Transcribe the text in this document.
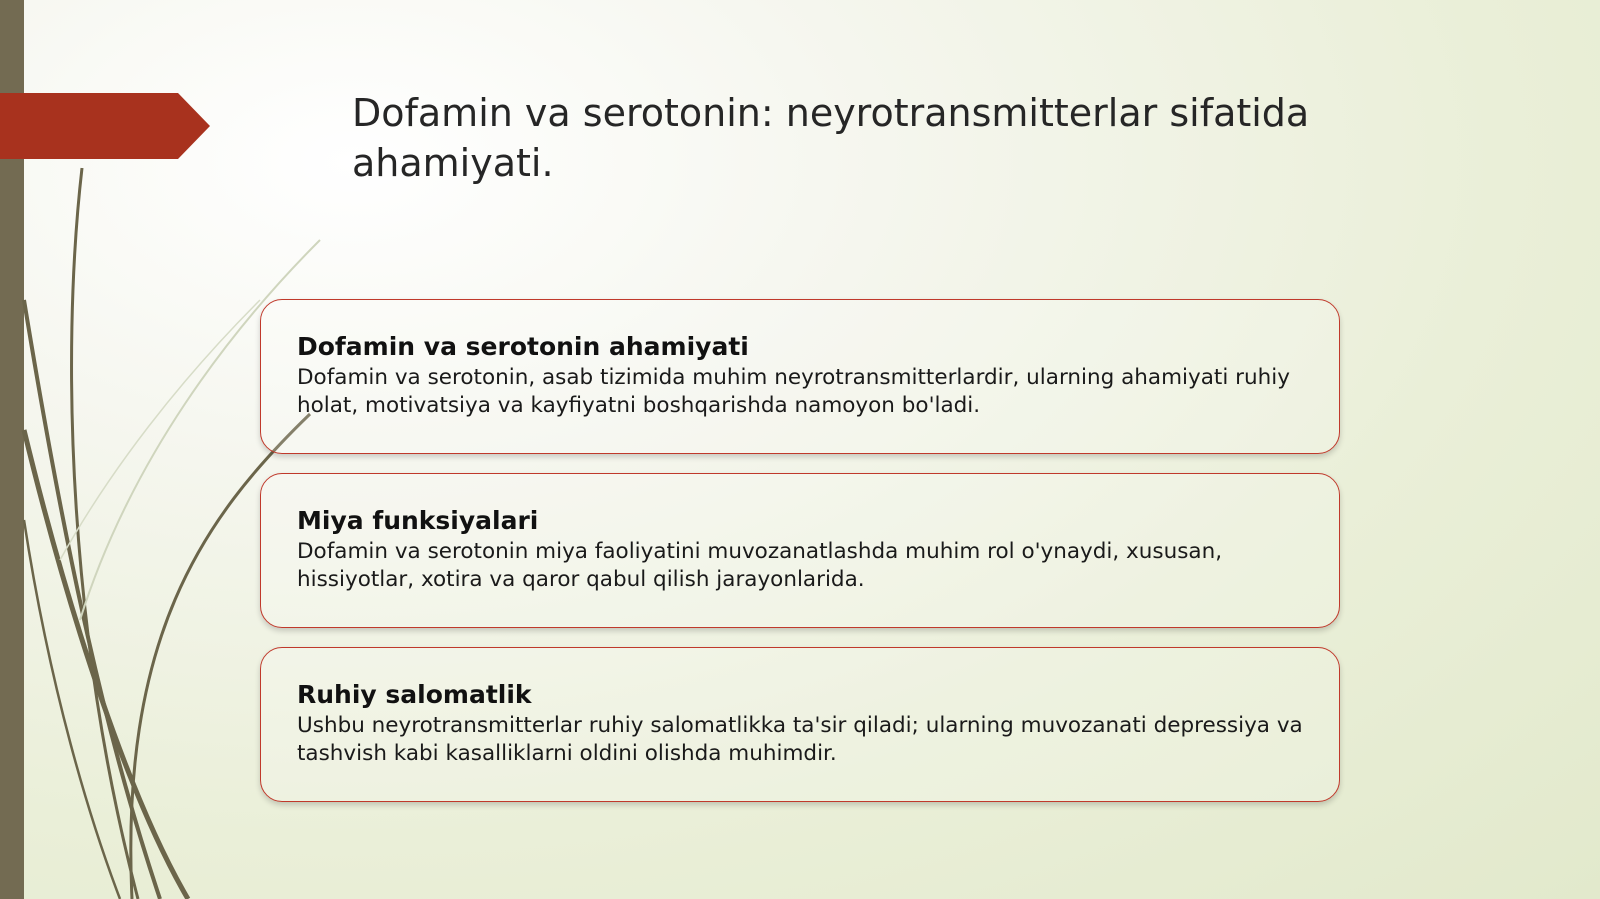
Dofamin va serotonin: neyrotransmitterlar sifatida ahamiyati.

Dofamin va serotonin ahamiyati

Dofamin va serotonin, asab tizimida muhim neyrotransmitterlardir, ularning ahamiyati ruhiy holat, motivatsiya va kayfiyatni boshqarishda namoyon bo'ladi.

Miya funksiyalari

Dofamin va serotonin miya faoliyatini muvozanatlashda muhim rol o'ynaydi, xususan, hissiyotlar, xotira va qaror qabul qilish jarayonlarida.

Ruhiy salomatlik

Ushbu neyrotransmitterlar ruhiy salomatlikka ta'sir qiladi; ularning muvozanati depressiya va tashvish kabi kasalliklarni oldini olishda muhimdir.
